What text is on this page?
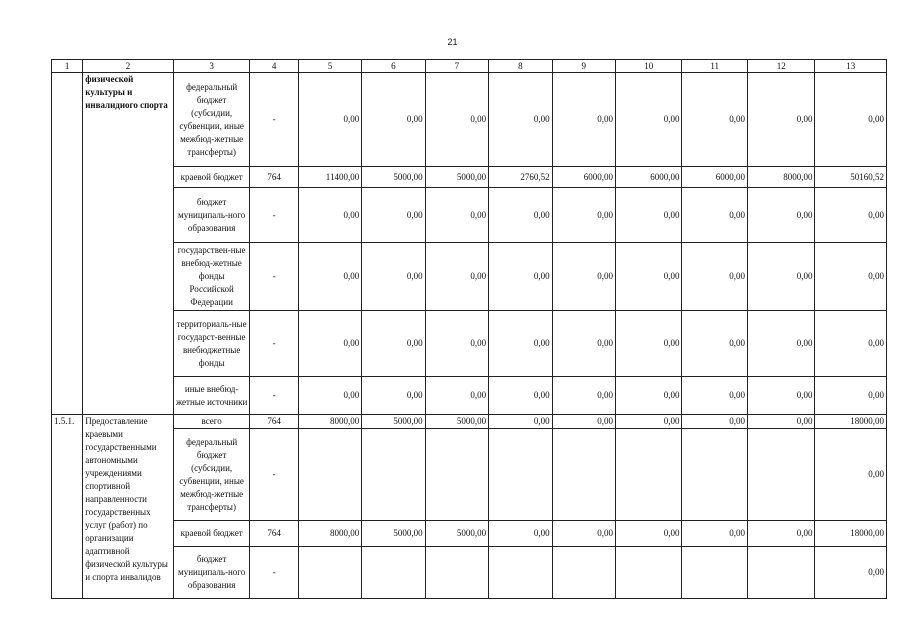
21
1	2	3	4	5	6	7	8	9	10	11	12	13
	физической культуры и инвалидиого спорта	федеральный бюджет (субсидии, субвенции, иные межбюд-жетные трансферты)	-	0,00	0,00	0,00	0,00	0,00	0,00	0,00	0,00	0,00
		краевой бюджет	764	11400,00	5000,00	5000,00	2760,52	6000,00	6000,00	6000,00	8000,00	50160,52
		бюджет муниципаль-ного образования	-	0,00	0,00	0,00	0,00	0,00	0,00	0,00	0,00	0,00
		государствен-ные внебюд-жетные фонды Российской Федерации	-	0,00	0,00	0,00	0,00	0,00	0,00	0,00	0,00	0,00
		территориаль-ные государст-венные внебюджетные фонды	-	0,00	0,00	0,00	0,00	0,00	0,00	0,00	0,00	0,00
		иные внебюд-жетные источники	-	0,00	0,00	0,00	0,00	0,00	0,00	0,00	0,00	0,00
1.5.1.	Предоставление краевыми государственными автономными учреждениями спортивной направленности государственных услуг (работ) по организации адаптивной физической культуры и спорта инвалидов	всего	764	8000,00	5000,00	5000,00	0,00	0,00	0,00	0,00	0,00	18000,00
		федеральный бюджет (субсидии, субвенции, иные межбюд-жетные трансферты)	-									0,00
		краевой бюджет	764	8000,00	5000,00	5000,00	0,00	0,00	0,00	0,00	0,00	18000,00
		бюджет муниципаль-ного образования	-									0,00
